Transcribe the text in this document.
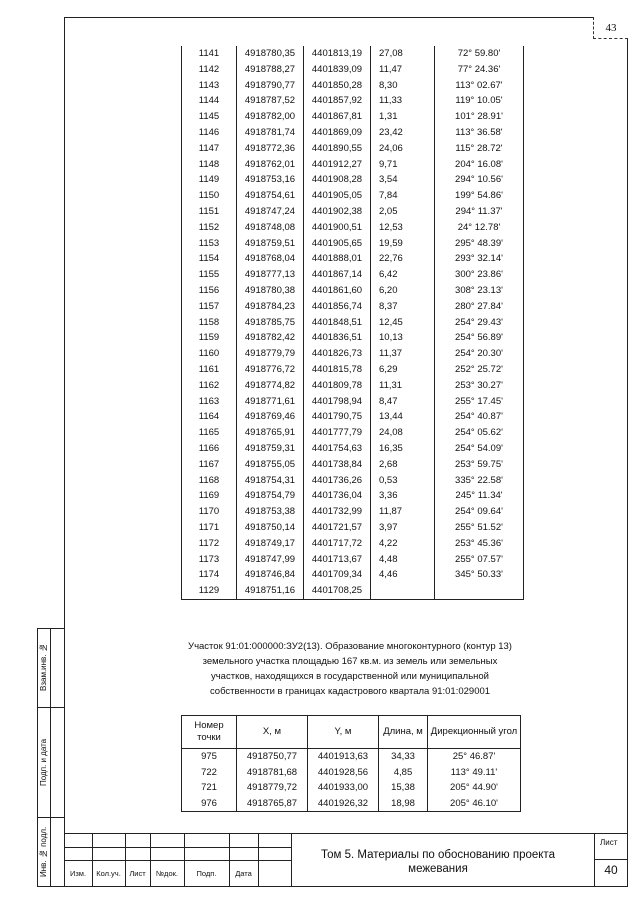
43
Взам.инв. №
Подп. и дата
Инв. № подл.
1141	4918780,35	4401813,19	27,08	72° 59.80'
1142	4918788,27	4401839,09	11,47	77° 24.36'
1143	4918790,77	4401850,28	8,30	113° 02.67'
1144	4918787,52	4401857,92	11,33	119° 10.05'
1145	4918782,00	4401867,81	1,31	101° 28.91'
1146	4918781,74	4401869,09	23,42	113° 36.58'
1147	4918772,36	4401890,55	24,06	115° 28.72'
1148	4918762,01	4401912,27	9,71	204° 16.08'
1149	4918753,16	4401908,28	3,54	294° 10.56'
1150	4918754,61	4401905,05	7,84	199° 54.86'
1151	4918747,24	4401902,38	2,05	294° 11.37'
1152	4918748,08	4401900,51	12,53	24° 12.78'
1153	4918759,51	4401905,65	19,59	295° 48.39'
1154	4918768,04	4401888,01	22,76	293° 32.14'
1155	4918777,13	4401867,14	6,42	300° 23.86'
1156	4918780,38	4401861,60	6,20	308° 23.13'
1157	4918784,23	4401856,74	8,37	280° 27.84'
1158	4918785,75	4401848,51	12,45	254° 29.43'
1159	4918782,42	4401836,51	10,13	254° 56.89'
1160	4918779,79	4401826,73	11,37	254° 20.30'
1161	4918776,72	4401815,78	6,29	252° 25.72'
1162	4918774,82	4401809,78	11,31	253° 30.27'
1163	4918771,61	4401798,94	8,47	255° 17.45'
1164	4918769,46	4401790,75	13,44	254° 40.87'
1165	4918765,91	4401777,79	24,08	254° 05.62'
1166	4918759,31	4401754,63	16,35	254° 54.09'
1167	4918755,05	4401738,84	2,68	253° 59.75'
1168	4918754,31	4401736,26	0,53	335° 22.58'
1169	4918754,79	4401736,04	3,36	245° 11.34'
1170	4918753,38	4401732,99	11,87	254° 09.64'
1171	4918750,14	4401721,57	3,97	255° 51.52'
1172	4918749,17	4401717,72	4,22	253° 45.36'
1173	4918747,99	4401713,67	4,48	255° 07.57'
1174	4918746,84	4401709,34	4,46	345° 50.33'
1129	4918751,16	4401708,25		
Участок 91:01:000000:ЗУ2(13). Образование многоконтурного (контур 13) земельного участка площадью 167 кв.м. из земель или земельных участков, находящихся в государственной или муниципальной собственности в границах кадастрового квартала 91:01:029001
Номер точки	X, м	Y, м	Длина, м	Дирекционный угол
975	4918750,77	4401913,63	34,33	25° 46.87'
722	4918781,68	4401928,56	4,85	113° 49.11'
721	4918779,72	4401933,00	15,38	205° 44.90'
976	4918765,87	4401926,32	18,98	205° 46.10'
Изм.	Кол.уч.	Лист	№док.	Подп.	Дата
Том 5. Материалы по обоснованию проекта межевания
Лист
40
